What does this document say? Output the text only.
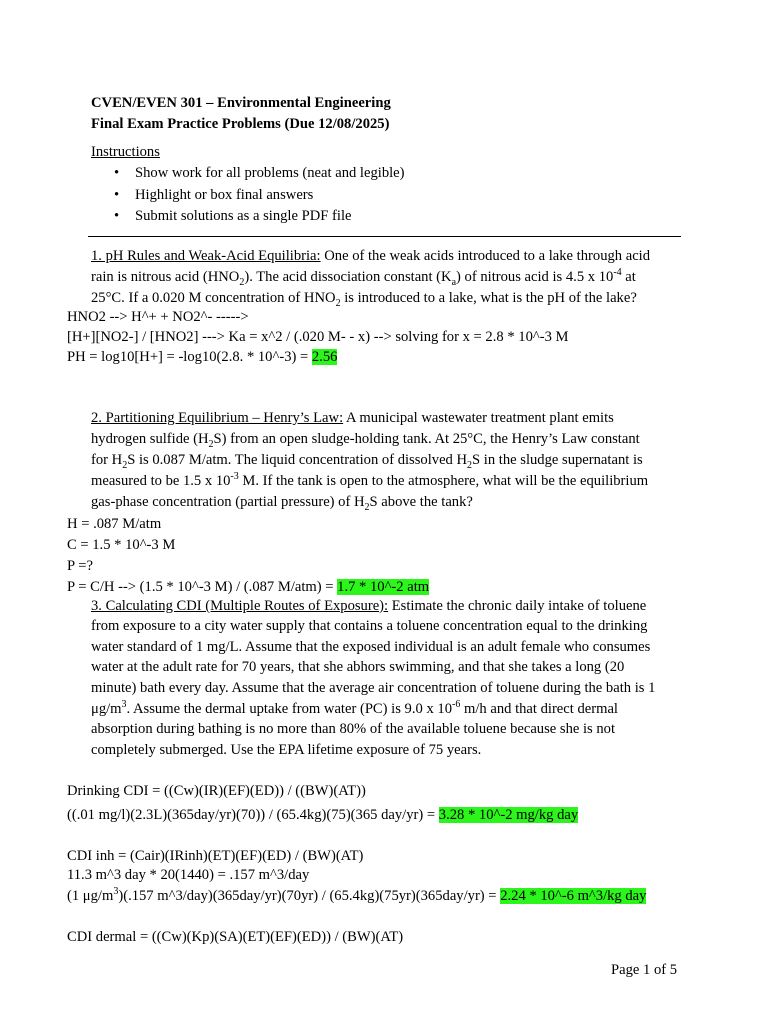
CVEN/EVEN 301 – Environmental Engineering
Final Exam Practice Problems (Due 12/08/2025)
Instructions
• Show work for all problems (neat and legible)
• Highlight or box final answers
• Submit solutions as a single PDF file
1. pH Rules and Weak-Acid Equilibria: One of the weak acids introduced to a lake through acid
rain is nitrous acid $(HNO_2)$. The acid dissociation constant $(K_a)$ of nitrous acid is 4.5 x $10^{-4}$ at
25°C. If a 0.020 M concentration of $HNO_2$ is introduced to a lake, what is the pH of the lake?
HNO2 --> H^+ + NO2^- ----->
[H+][NO2-] / [HNO2] ---> Ka = x^2 / (.020 M- - x) --> solving for x = 2.8 * 10^-3 M
PH = log10[H+] = -log10(2.8. * 10^-3) = 2.56
2. Partitioning Equilibrium – Henry’s Law: A municipal wastewater treatment plant emits
hydrogen sulfide $(H_2S)$ from an open sludge-holding tank. At 25°C, the Henry’s Law constant
for $H_2S$ is 0.087 M/atm. The liquid concentration of dissolved $H_2S$ in the sludge supernatant is
measured to be 1.5 x $10^{-3}$ M. If the tank is open to the atmosphere, what will be the equilibrium
gas-phase concentration (partial pressure) of $H_2S$ above the tank?
H = .087 M/atm
C = 1.5 * 10^-3 M
P =?
P = C/H --> (1.5 * 10^-3 M) / (.087 M/atm) = 1.7 * 10^-2 atm
3. Calculating CDI (Multiple Routes of Exposure): Estimate the chronic daily intake of toluene
from exposure to a city water supply that contains a toluene concentration equal to the drinking
water standard of 1 mg/L. Assume that the exposed individual is an adult female who consumes
water at the adult rate for 70 years, that she abhors swimming, and that she takes a long (20
minute) bath every day. Assume that the average air concentration of toluene during the bath is 1
$\mu g/m^3$. Assume the dermal uptake from water (PC) is 9.0 x $10^{-6}$ m/h and that direct dermal
absorption during bathing is no more than 80% of the available toluene because she is not
completely submerged. Use the EPA lifetime exposure of 75 years.
Drinking CDI = ((Cw)(IR)(EF)(ED)) / ((BW)(AT))
((.01 mg/l)(2.3L)(365day/yr)(70)) / (65.4kg)(75)(365 day/yr) = 3.28 * 10^-2 mg/kg day
CDI inh = (Cair)(IRinh)(ET)(EF)(ED) / (BW)(AT)
11.3 m^3 day * 20(1440) = .157 m^3/day
(1 $\mu g/m^3)(.157$ m^3/day)(365day/yr)(70yr) / (65.4kg)(75yr)(365day/yr) = 2.24 * 10^-6 m^3/kg day
CDI dermal = ((Cw)(Kp)(SA)(ET)(EF)(ED)) / (BW)(AT)
Page 1 of 5
